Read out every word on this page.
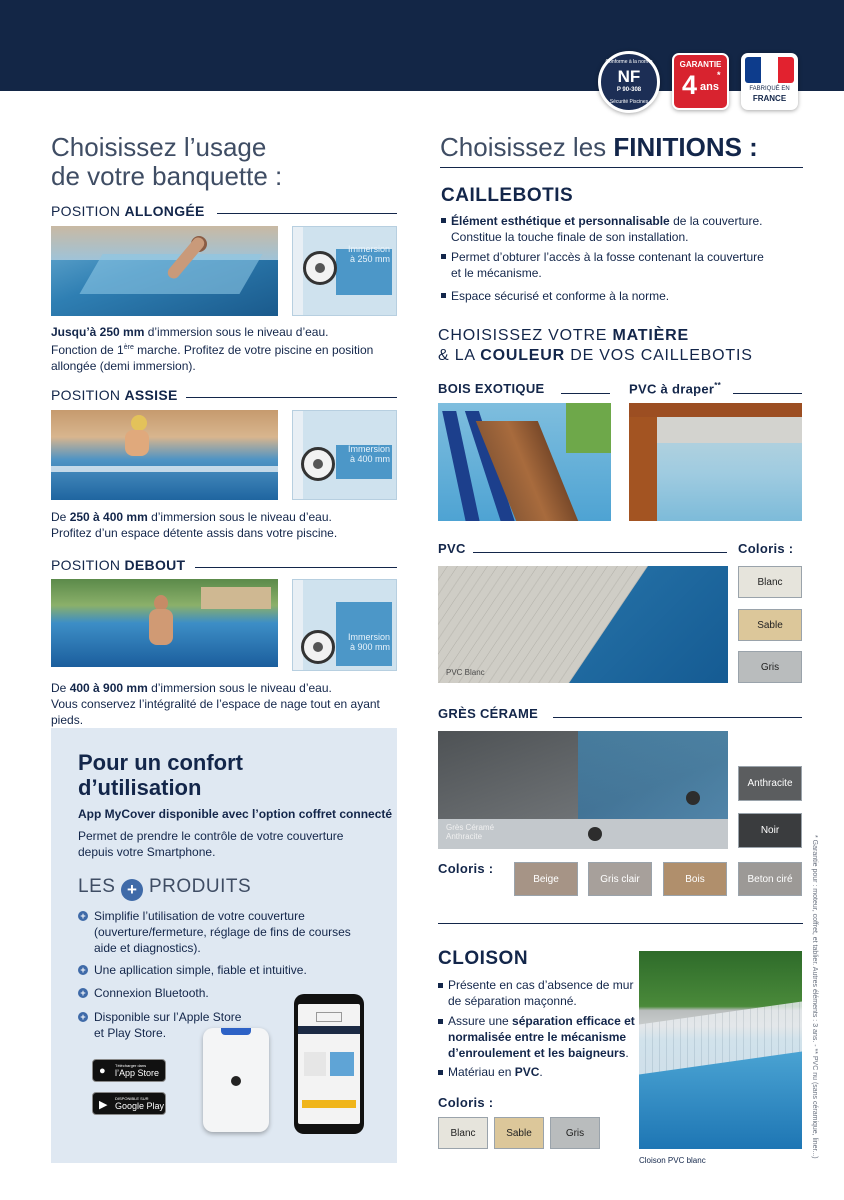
Conforme à la norme
NF
P 90-308
Sécurité Piscines
GARANTIE
4 ans
*
FABRIQUÉ EN
FRANCE
Choisissez l’usage
de votre banquette :
POSITION ALLONGÉE
Immersion
à 250 mm
Jusqu’à 250 mm d’immersion sous le niveau d’eau.
Fonction de 1ère marche. Profitez de votre piscine en position
allongée (demi immersion).
POSITION ASSISE
Immersion
à 400 mm
De 250 à 400 mm d’immersion sous le niveau d’eau.
Profitez d’un espace détente assis dans votre piscine.
POSITION DEBOUT
Immersion
à 900 mm
De 400 à 900 mm d’immersion sous le niveau d’eau.
Vous conservez l’intégralité de l’espace de nage tout en ayant pieds.
Pour un confort
d’utilisation
App MyCover disponible avec l’option coffret connecté
Permet de prendre le contrôle de votre couverture
depuis votre Smartphone.
LES + PRODUITS
+ Simplifie l’utilisation de votre couverture
(ouverture/fermeture, réglage de fins de courses
aide et diagnostics).
+ Une apllication simple, fiable et intuitive.
+ Connexion Bluetooth.
+ Disponible sur l’Apple Store
et Play Store.
● Télécharger dans
l’App Store
▶
DISPONIBLE SUR
Google Play
Choisissez les FINITIONS :
CAILLEBOTIS
Élément esthétique et personnalisable de la couverture.
Constitue la touche finale de son installation.
Permet d’obturer l’accès à la fosse contenant la couverture
et le mécanisme.
Espace sécurisé et conforme à la norme.
CHOISISSEZ VOTRE MATIÈRE
& LA COULEUR DE VOS CAILLEBOTIS
BOIS EXOTIQUE	PVC à draper**
PVC	Coloris :
PVC Blanc
Blanc
Sable
Gris
GRÈS CÉRAME
Grès Céramé
Anthracite
Anthracite
Noir
Coloris :
Beige	Gris clair	Bois	Beton ciré
CLOISON
Présente en cas d’absence de mur
de séparation maçonné.
Assure une séparation efficace et
normalisée entre le mécanisme
d’enroulement et les baigneurs.
Matériau en PVC.
Coloris :
Blanc	Sable	Gris
Cloison PVC blanc
* Garantie pour : moteur, coffret, et tablier. Autres éléments : 3 ans. - ** PVC nu (sans céramique, liner...)
